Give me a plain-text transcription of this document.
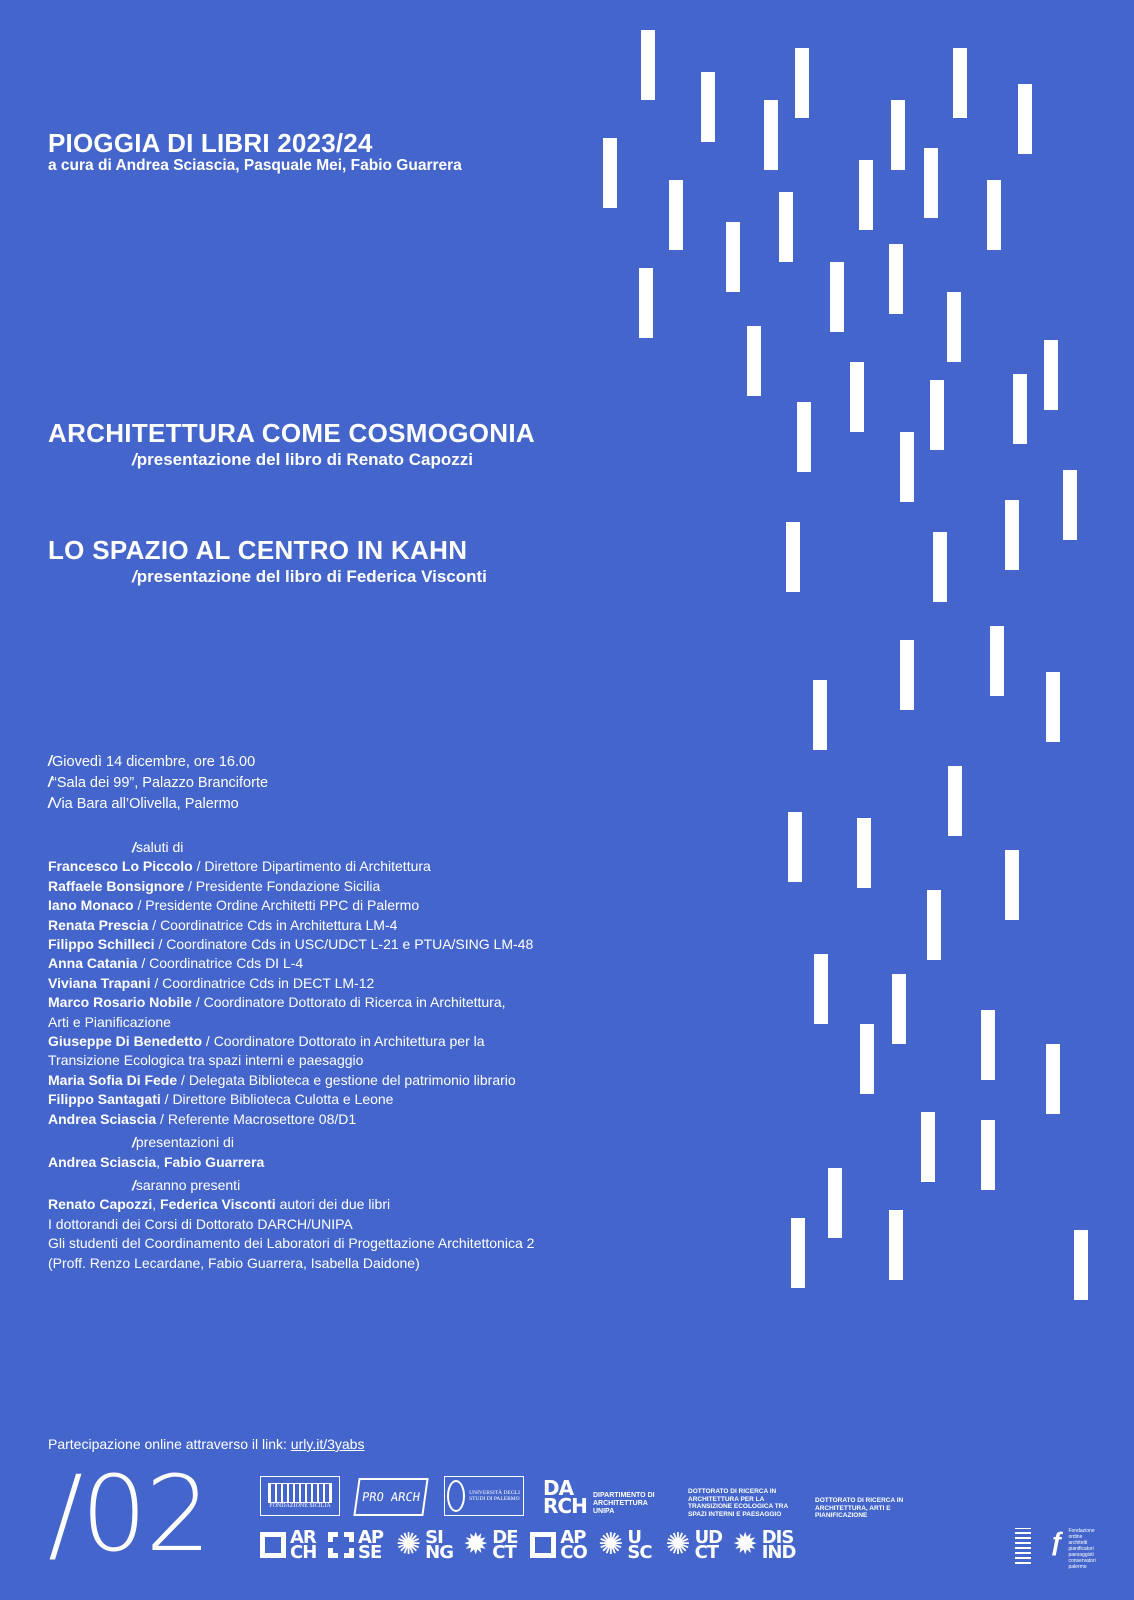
PIOGGIA DI LIBRI 2023/24
a cura di Andrea Sciascia, Pasquale Mei, Fabio Guarrera
ARCHITETTURA COME COSMOGONIA
/presentazione del libro di Renato Capozzi
LO SPAZIO AL CENTRO IN KAHN
/presentazione del libro di Federica Visconti
/Giovedì 14 dicembre, ore 16.00
/“Sala dei 99”, Palazzo Branciforte
/Via Bara all’Olivella, Palermo

/saluti di

Francesco Lo Piccolo / Direttore Dipartimento di Architettura

Raffaele Bonsignore / Presidente Fondazione Sicilia

Iano Monaco / Presidente Ordine Architetti PPC di Palermo

Renata Prescia / Coordinatrice Cds in Architettura LM-4

Filippo Schilleci / Coordinatore Cds in USC/UDCT L-21 e PTUA/SING LM-48

Anna Catania / Coordinatrice Cds DI L-4

Viviana Trapani / Coordinatrice Cds in DECT LM-12

Marco Rosario Nobile / Coordinatore Dottorato di Ricerca in Architettura,

Arti e Pianificazione

Giuseppe Di Benedetto / Coordinatore Dottorato in Architettura per la

Transizione Ecologica tra spazi interni e paesaggio

Maria Sofia Di Fede / Delegata Biblioteca e gestione del patrimonio librario

Filippo Santagati / Direttore Biblioteca Culotta e Leone

Andrea Sciascia / Referente Macrosettore 08/D1

/presentazioni di

Andrea Sciascia, Fabio Guarrera

/saranno presenti

Renato Capozzi, Federica Visconti autori dei due libri

I dottorandi dei Corsi di Dottorato DARCH/UNIPA

Gli studenti del Coordinamento dei Laboratori di Progettazione Architettonica 2

(Proff. Renzo Lecardane, Fabio Guarrera, Isabella Daidone)

Partecipazione online attraverso il link: urly.it/3yabs
/02	FONDAZIONE SICILIA
PRO ARCH	UNIVERSITÀ DEGLI STUDI DI PALERMO DA RCH DIPARTIMENTO DI ARCHITETTURA UNIPA
DOTTORATO DI RICERCA IN ARCHITETTURA PER LA TRANSIZIONE ECOLOGICA TRA SPAZI INTERNI E PAESAGGIO
DOTTORATO DI RICERCA IN ARCHITETTURA, ARTI E PIANIFICAZIONE
AR CH
AP SE ✺ SI NG ✹ DE CT
AP CO ✺ U SC ✺ UD CT ✹ DIS IND	ƒ Fondazione ordine architetti pianificatori paesaggisti conservatori palermo
